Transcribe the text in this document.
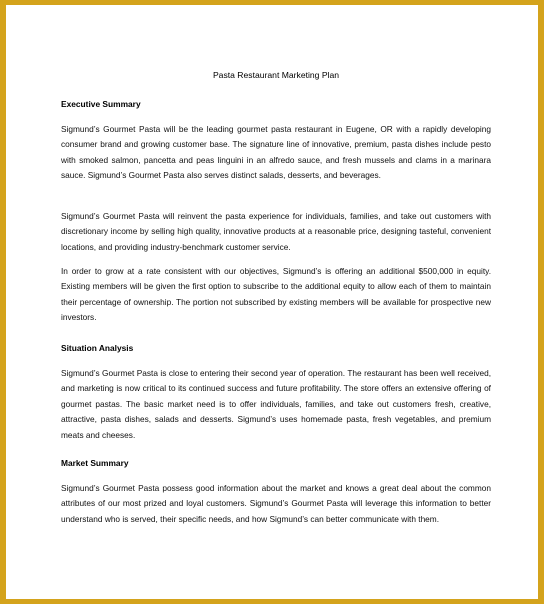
Pasta Restaurant Marketing Plan
Executive Summary

Sigmund’s Gourmet Pasta will be the leading gourmet pasta restaurant in Eugene, OR with a rapidly developing consumer brand and growing customer base. The signature line of innovative, premium, pasta dishes include pesto with smoked salmon, pancetta and peas linguini in an alfredo sauce, and fresh mussels and clams in a marinara sauce. Sigmund’s Gourmet Pasta also serves distinct salads, desserts, and beverages.

Sigmund’s Gourmet Pasta will reinvent the pasta experience for individuals, families, and take out customers with discretionary income by selling high quality, innovative products at a reasonable price, designing tasteful, convenient locations, and providing industry-benchmark customer service.

In order to grow at a rate consistent with our objectives, Sigmund’s is offering an additional $500,000 in equity. Existing members will be given the first option to subscribe to the additional equity to allow each of them to maintain their percentage of ownership. The portion not subscribed by existing members will be available for prospective new investors.

Situation Analysis

Sigmund’s Gourmet Pasta is close to entering their second year of operation. The restaurant has been well received, and marketing is now critical to its continued success and future profitability. The store offers an extensive offering of gourmet pastas. The basic market need is to offer individuals, families, and take out customers fresh, creative, attractive, pasta dishes, salads and desserts. Sigmund’s uses homemade pasta, fresh vegetables, and premium meats and cheeses.

Market Summary

Sigmund’s Gourmet Pasta possess good information about the market and knows a great deal about the common attributes of our most prized and loyal customers. Sigmund’s Gourmet Pasta will leverage this information to better understand who is served, their specific needs, and how Sigmund’s can better communicate with them.
